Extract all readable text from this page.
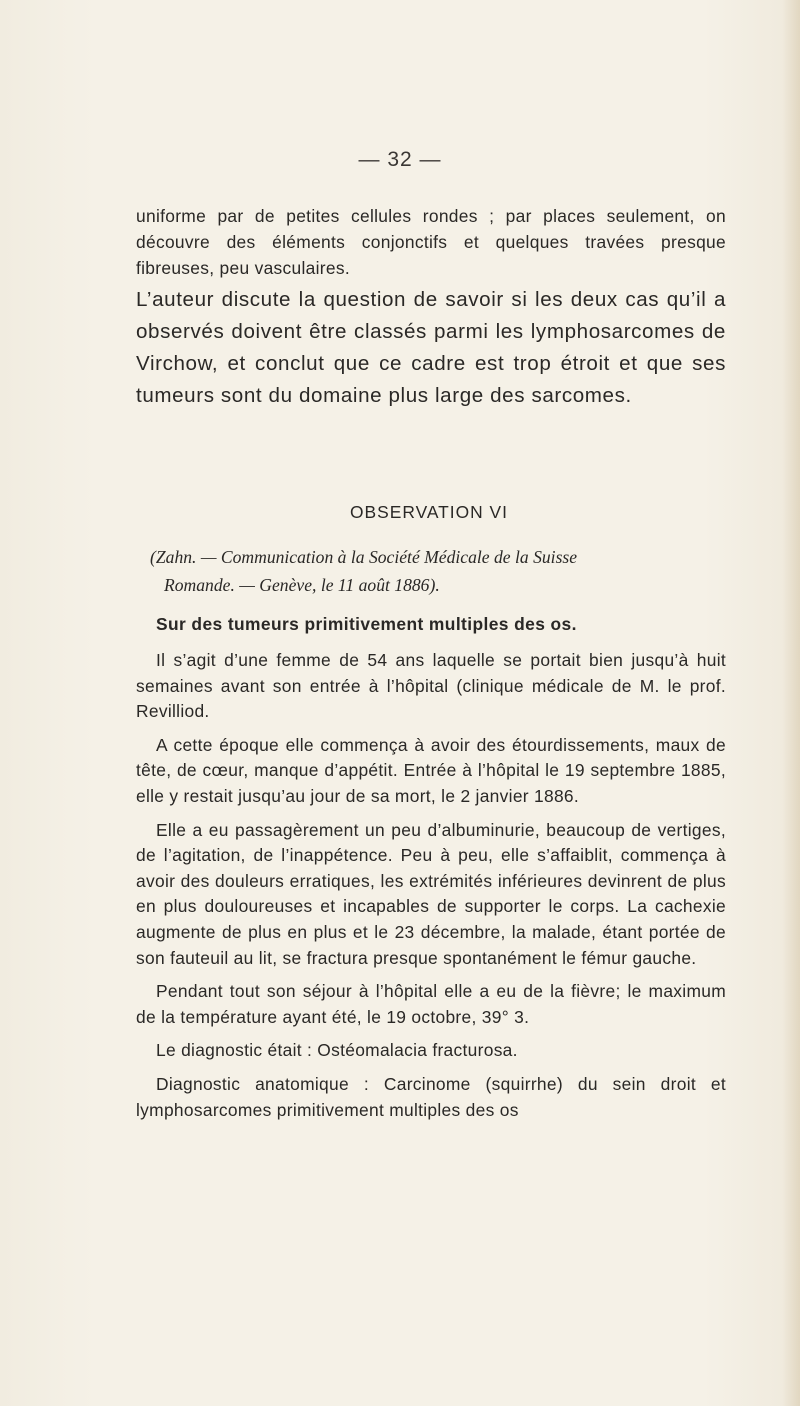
— 32 —

uniforme par de petites cellules rondes ; par places seulement, on découvre des éléments conjonctifs et quelques travées presque fibreuses, peu vasculaires.

L’auteur discute la question de savoir si les deux cas qu’il a observés doivent être classés parmi les lymphosarcomes de Virchow, et conclut que ce cadre est trop étroit et que ses tumeurs sont du domaine plus large des sarcomes.

OBSERVATION VI
(Zahn. — Communication à la Société Médicale de la Suisse
Romande. — Genève, le 11 août 1886).
Sur des tumeurs primitivement multiples des os.

Il s’agit d’une femme de 54 ans laquelle se portait bien jusqu’à huit semaines avant son entrée à l’hôpital (clinique médicale de M. le prof. Revilliod.

A cette époque elle commença à avoir des étourdissements, maux de tête, de cœur, manque d’appétit. Entrée à l’hôpital le 19 septembre 1885, elle y restait jusqu’au jour de sa mort, le 2 janvier 1886.

Elle a eu passagèrement un peu d’albuminurie, beaucoup de vertiges, de l’agitation, de l’inappétence. Peu à peu, elle s’affaiblit, commença à avoir des douleurs erratiques, les extrémités inférieures devinrent de plus en plus douloureuses et incapables de supporter le corps. La cachexie augmente de plus en plus et le 23 décembre, la malade, étant portée de son fauteuil au lit, se fractura presque spontanément le fémur gauche.

Pendant tout son séjour à l’hôpital elle a eu de la fièvre; le maximum de la température ayant été, le 19 octobre, 39° 3.

Le diagnostic était : Ostéomalacia fracturosa.

Diagnostic anatomique : Carcinome (squirrhe) du sein droit et lymphosarcomes primitivement multiples des os
